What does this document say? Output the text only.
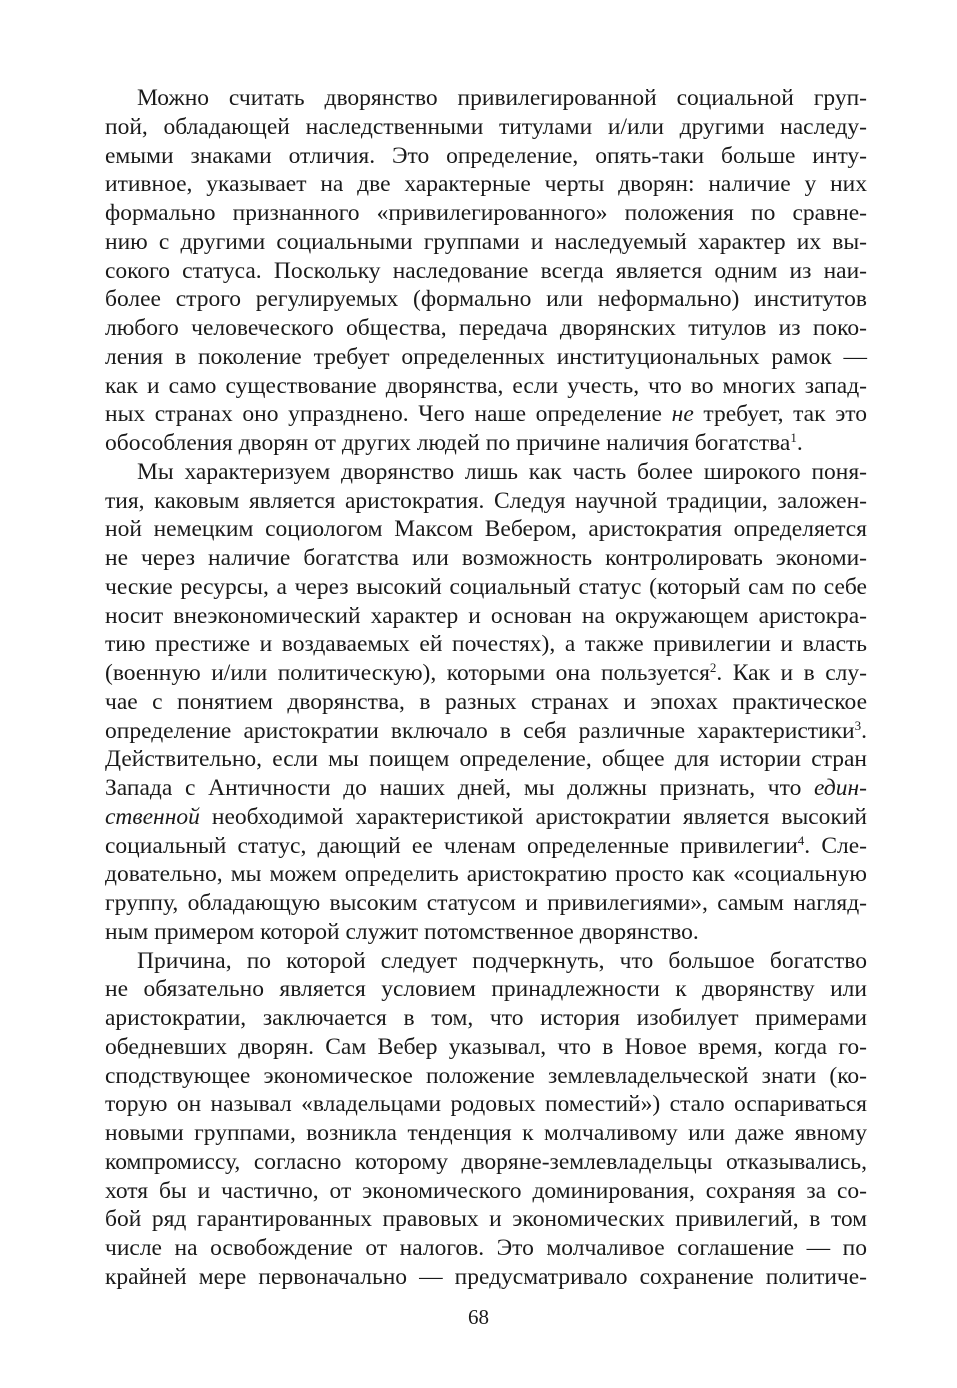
Можно считать дворянство привилегированной социальной груп-
пой, обладающей наследственными титулами и/или другими наследу-
емыми знаками отличия. Это определение, опять-таки больше инту-
итивное, указывает на две характерные черты дворян: наличие у них
формально признанного «привилегированного» положения по сравне-
нию с другими социальными группами и наследуемый характер их вы-
сокого статуса. Поскольку наследование всегда является одним из наи-
более строго регулируемых (формально или неформально) институтов
любого человеческого общества, передача дворянских титулов из поко-
ления в поколение требует определенных институциональных рамок —
как и само существование дворянства, если учесть, что во многих запад-
ных странах оно упразднено. Чего наше определение не требует, так это
обособления дворян от других людей по причине наличия богатства$^1$.
Мы характеризуем дворянство лишь как часть более широкого поня-
тия, каковым является аристократия. Следуя научной традиции, заложен-
ной немецким социологом Максом Вебером, аристократия определяется
не через наличие богатства или возможность контролировать экономи-
ческие ресурсы, а через высокий социальный статус (который сам по себе
носит внеэкономический характер и основан на окружающем аристокра-
тию престиже и воздаваемых ей почестях), а также привилегии и власть
(военную и/или политическую), которыми она пользуется$^2$. Как и в слу-
чае с понятием дворянства, в разных странах и эпохах практическое
определение аристократии включало в себя различные характеристики$^3$.
Действительно, если мы поищем определение, общее для истории стран
Запада с Античности до наших дней, мы должны признать, что един-
ственной необходимой характеристикой аристократии является высокий
социальный статус, дающий ее членам определенные привилегии$^4$. Сле-
довательно, мы можем определить аристократию просто как «социальную
группу, обладающую высоким статусом и привилегиями», самым нагляд-
ным примером которой служит потомственное дворянство.
Причина, по которой следует подчеркнуть, что большое богатство
не обязательно является условием принадлежности к дворянству или
аристократии, заключается в том, что история изобилует примерами
обедневших дворян. Сам Вебер указывал, что в Новое время, когда го-
сподствующее экономическое положение землевладельческой знати (ко-
торую он называл «владельцами родовых поместий») стало оспариваться
новыми группами, возникла тенденция к молчаливому или даже явному
компромиссу, согласно которому дворяне-землевладельцы отказывались,
хотя бы и частично, от экономического доминирования, сохраняя за со-
бой ряд гарантированных правовых и экономических привилегий, в том
числе на освобождение от налогов. Это молчаливое соглашение — по
крайней мере первоначально — предусматривало сохранение политиче-
68
